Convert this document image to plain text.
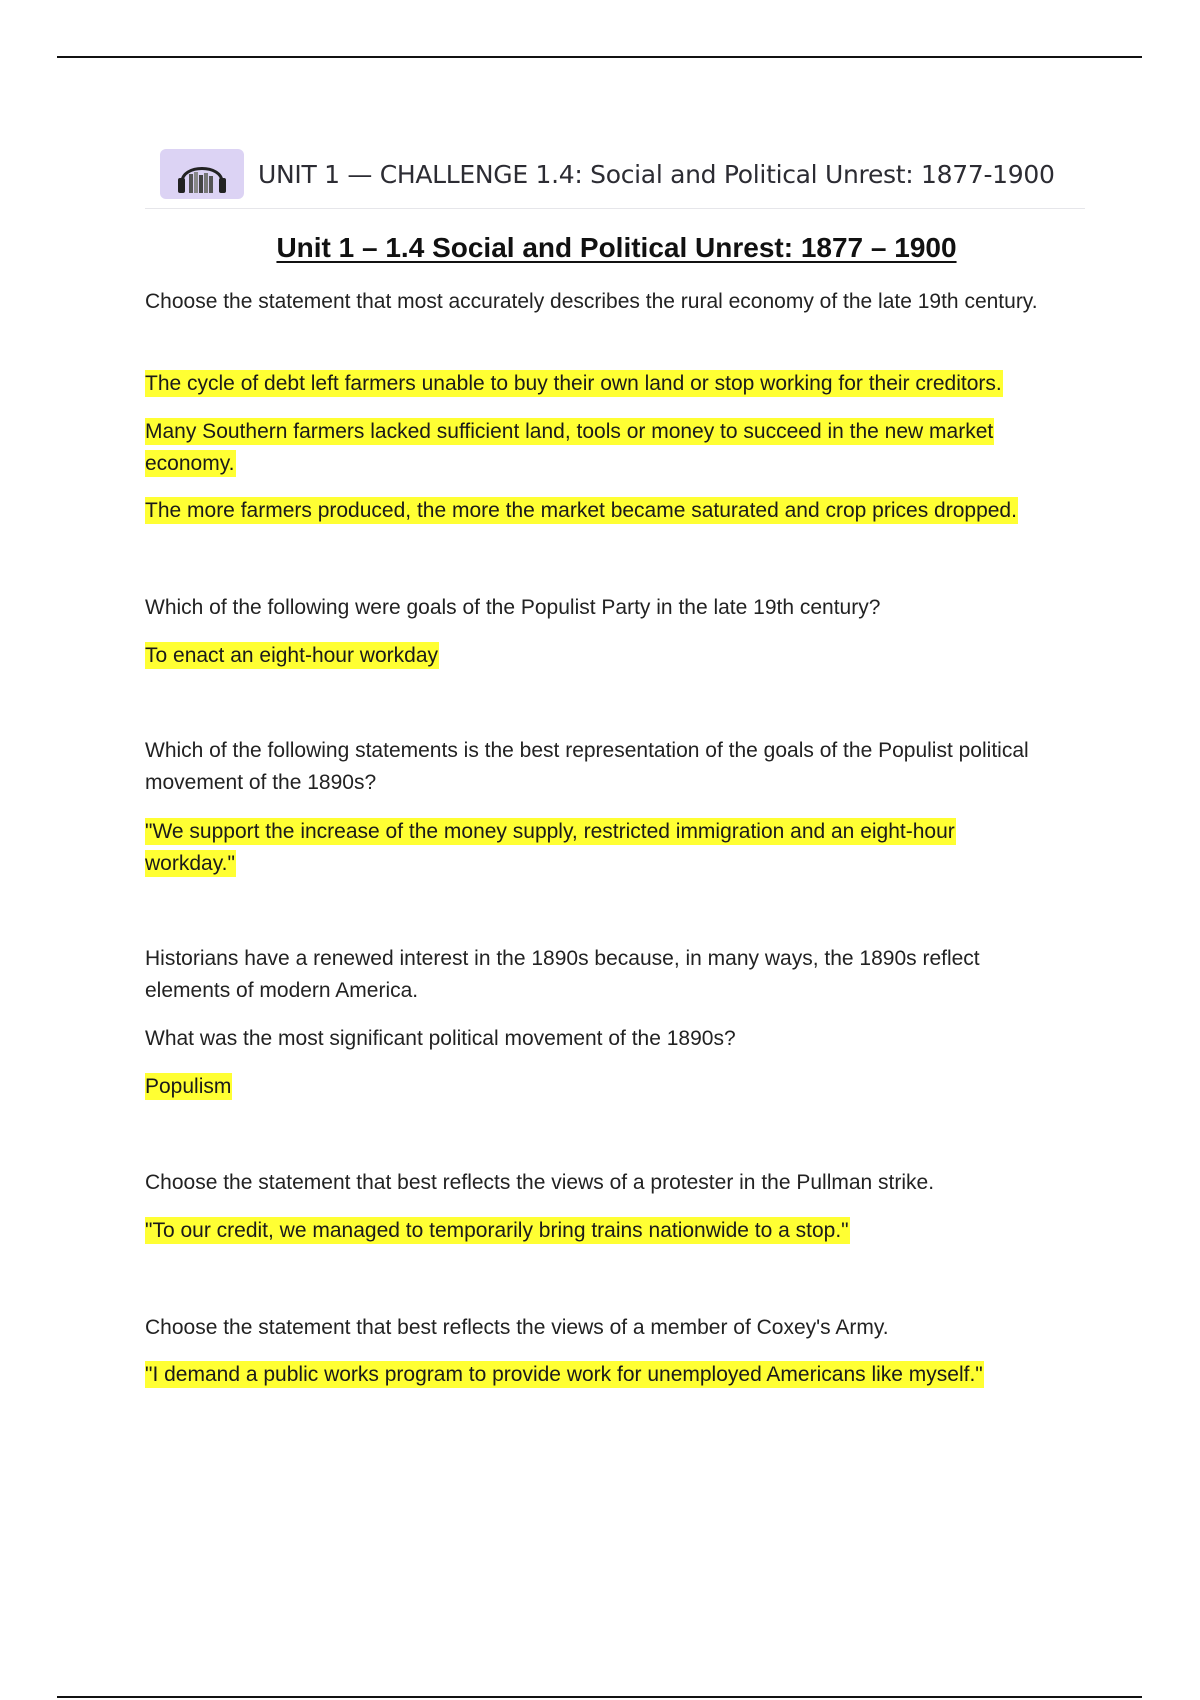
UNIT 1 — CHALLENGE 1.4: Social and Political Unrest: 1877-1900
Unit 1 – 1.4 Social and Political Unrest: 1877 – 1900

Choose the statement that most accurately describes the rural economy of the late 19th century.

The cycle of debt left farmers unable to buy their own land or stop working for their creditors.

Many Southern farmers lacked sufficient land, tools or money to succeed in the new market economy.

The more farmers produced, the more the market became saturated and crop prices dropped.

Which of the following were goals of the Populist Party in the late 19th century?

To enact an eight-hour workday

Which of the following statements is the best representation of the goals of the Populist political movement of the 1890s?

"We support the increase of the money supply, restricted immigration and an eight-hour workday."

Historians have a renewed interest in the 1890s because, in many ways, the 1890s reflect elements of modern America.

What was the most significant political movement of the 1890s?

Populism

Choose the statement that best reflects the views of a protester in the Pullman strike.

"To our credit, we managed to temporarily bring trains nationwide to a stop."

Choose the statement that best reflects the views of a member of Coxey's Army.

"I demand a public works program to provide work for unemployed Americans like myself."
